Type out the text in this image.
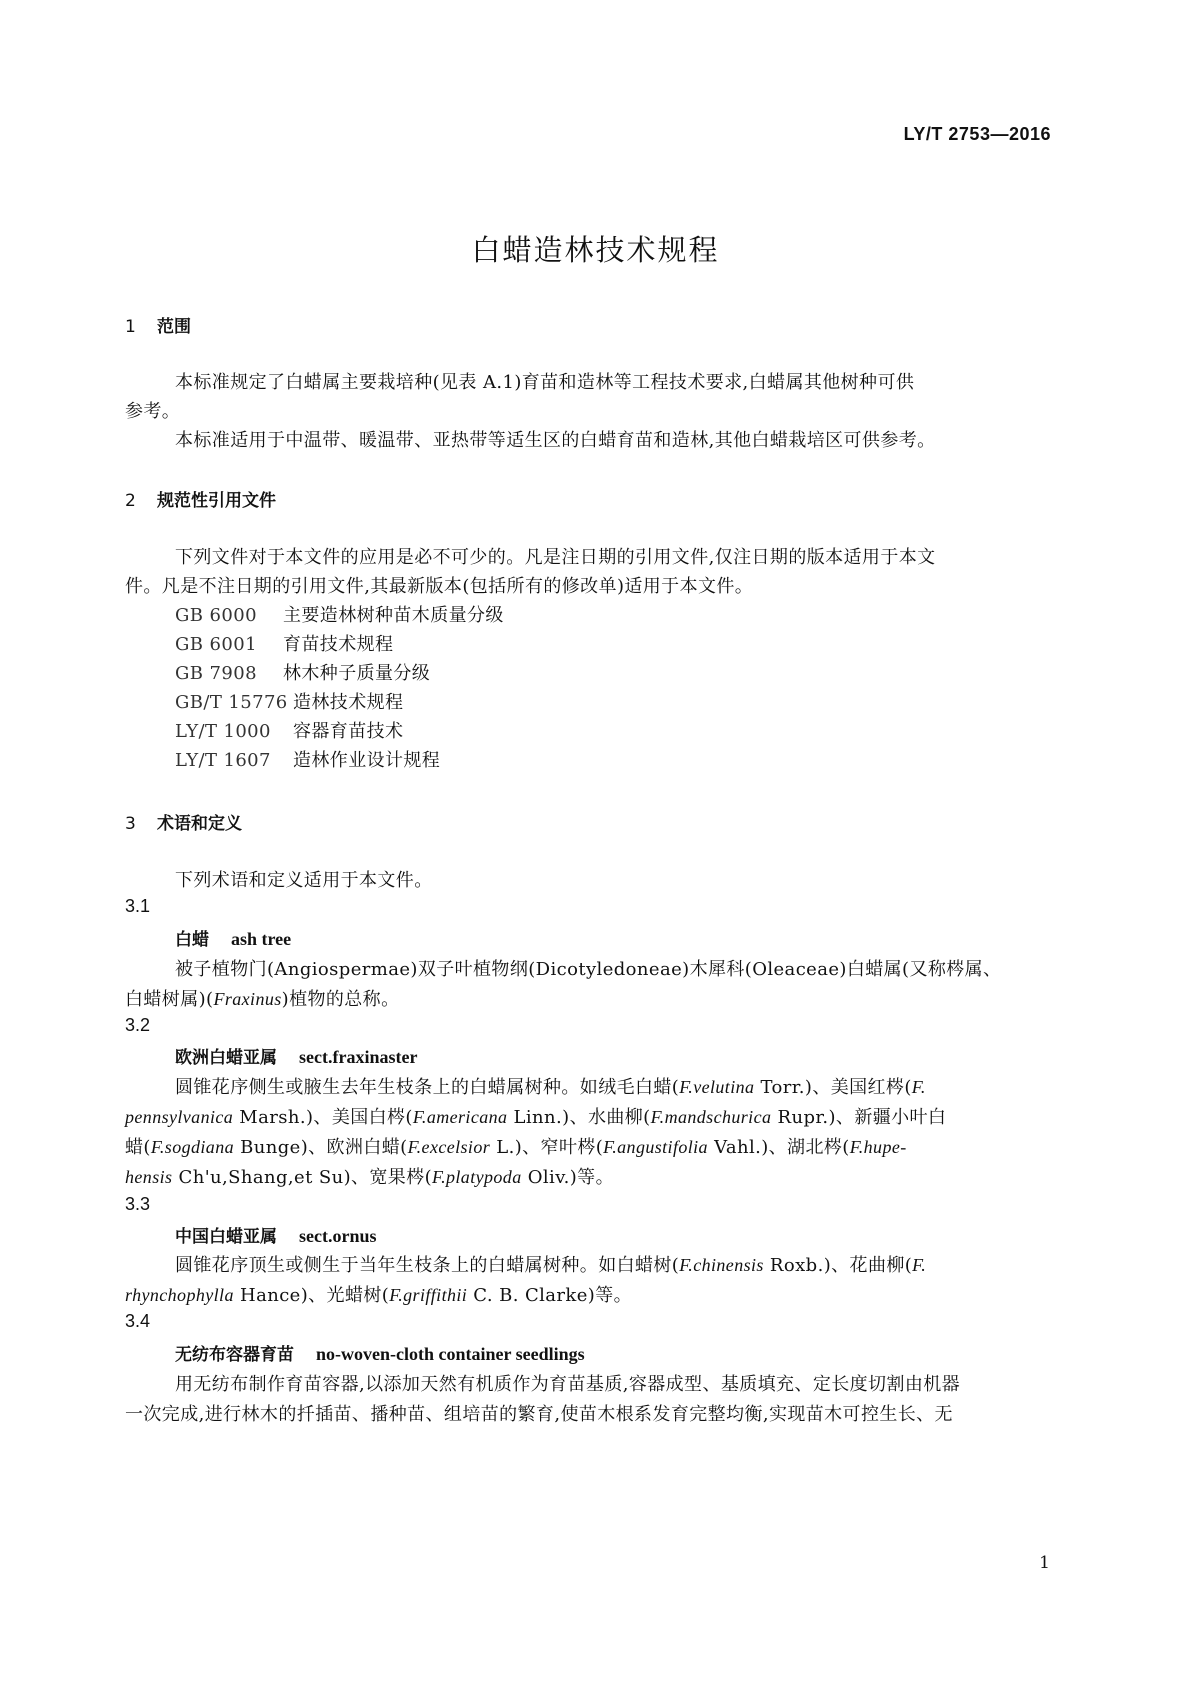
LY/T 2753—2016
白蜡造林技术规程
1 范围
本标准规定了白蜡属主要栽培种(见表 A.1)育苗和造林等工程技术要求,白蜡属其他树种可供
参考。
本标准适用于中温带、暖温带、亚热带等适生区的白蜡育苗和造林,其他白蜡栽培区可供参考。
2 规范性引用文件
下列文件对于本文件的应用是必不可少的。凡是注日期的引用文件,仅注日期的版本适用于本文
件。凡是不注日期的引用文件,其最新版本(包括所有的修改单)适用于本文件。
GB 6000 主要造林树种苗木质量分级
GB 6001 育苗技术规程
GB 7908 林木种子质量分级
GB/T 15776 造林技术规程
LY/T 1000 容器育苗技术
LY/T 1607 造林作业设计规程
3 术语和定义
下列术语和定义适用于本文件。
3.1
白蜡 ash tree
被子植物门(Angiospermae)双子叶植物纲(Dicotyledoneae)木犀科(Oleaceae)白蜡属(又称梣属、
白蜡树属)(Fraxinus)植物的总称。
3.2
欧洲白蜡亚属 sect.fraxinaster
圆锥花序侧生或腋生去年生枝条上的白蜡属树种。如绒毛白蜡(F.velutina Torr.)、美国红梣(F.
pennsylvanica Marsh.)、美国白梣(F.americana Linn.)、水曲柳(F.mandschurica Rupr.)、新疆小叶白
蜡(F.sogdiana Bunge)、欧洲白蜡(F.excelsior L.)、窄叶梣(F.angustifolia Vahl.)、湖北梣(F.hupe-
hensis Ch'u,Shang,et Su)、宽果梣(F.platypoda Oliv.)等。
3.3
中国白蜡亚属 sect.ornus
圆锥花序顶生或侧生于当年生枝条上的白蜡属树种。如白蜡树(F.chinensis Roxb.)、花曲柳(F.
rhynchophylla Hance)、光蜡树(F.griffithii C. B. Clarke)等。
3.4
无纺布容器育苗 no-woven-cloth container seedlings
用无纺布制作育苗容器,以添加天然有机质作为育苗基质,容器成型、基质填充、定长度切割由机器
一次完成,进行林木的扦插苗、播种苗、组培苗的繁育,使苗木根系发育完整均衡,实现苗木可控生长、无
1
